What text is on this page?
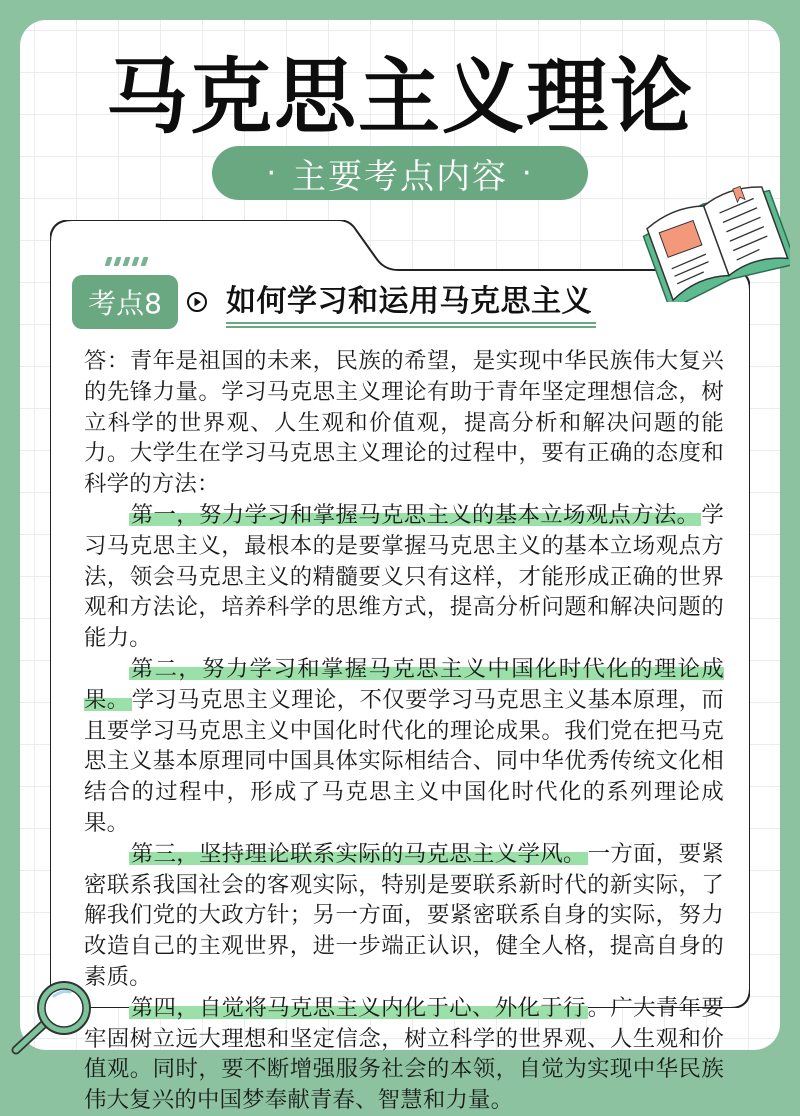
马克思主义理论
· 主要考点内容 ·
考点8	如何学习和运用马克思主义

答：青年是祖国的未来，民族的希望，是实现中华民族伟大复兴的先锋力量。学习马克思主义理论有助于青年坚定理想信念，树立科学的世界观、人生观和价值观，提高分析和解决问题的能力。大学生在学习马克思主义理论的过程中，要有正确的态度和科学的方法：

第一，努力学习和掌握马克思主义的基本立场观点方法。学习马克思主义，最根本的是要掌握马克思主义的基本立场观点方法，领会马克思主义的精髓要义只有这样，才能形成正确的世界观和方法论，培养科学的思维方式，提高分析问题和解决问题的能力。

第二，努力学习和掌握马克思主义中国化时代化的理论成果。学习马克思主义理论，不仅要学习马克思主义基本原理，而且要学习马克思主义中国化时代化的理论成果。我们党在把马克思主义基本原理同中国具体实际相结合、同中华优秀传统文化相结合的过程中，形成了马克思主义中国化时代化的系列理论成果。

第三，坚持理论联系实际的马克思主义学风。一方面，要紧密联系我国社会的客观实际，特别是要联系新时代的新实际，了解我们党的大政方针；另一方面，要紧密联系自身的实际，努力改造自己的主观世界，进一步端正认识，健全人格，提高自身的素质。

第四，自觉将马克思主义内化于心、外化于行。广大青年要牢固树立远大理想和坚定信念，树立科学的世界观、人生观和价值观。同时，要不断增强服务社会的本领，自觉为实现中华民族伟大复兴的中国梦奉献青春、智慧和力量。
